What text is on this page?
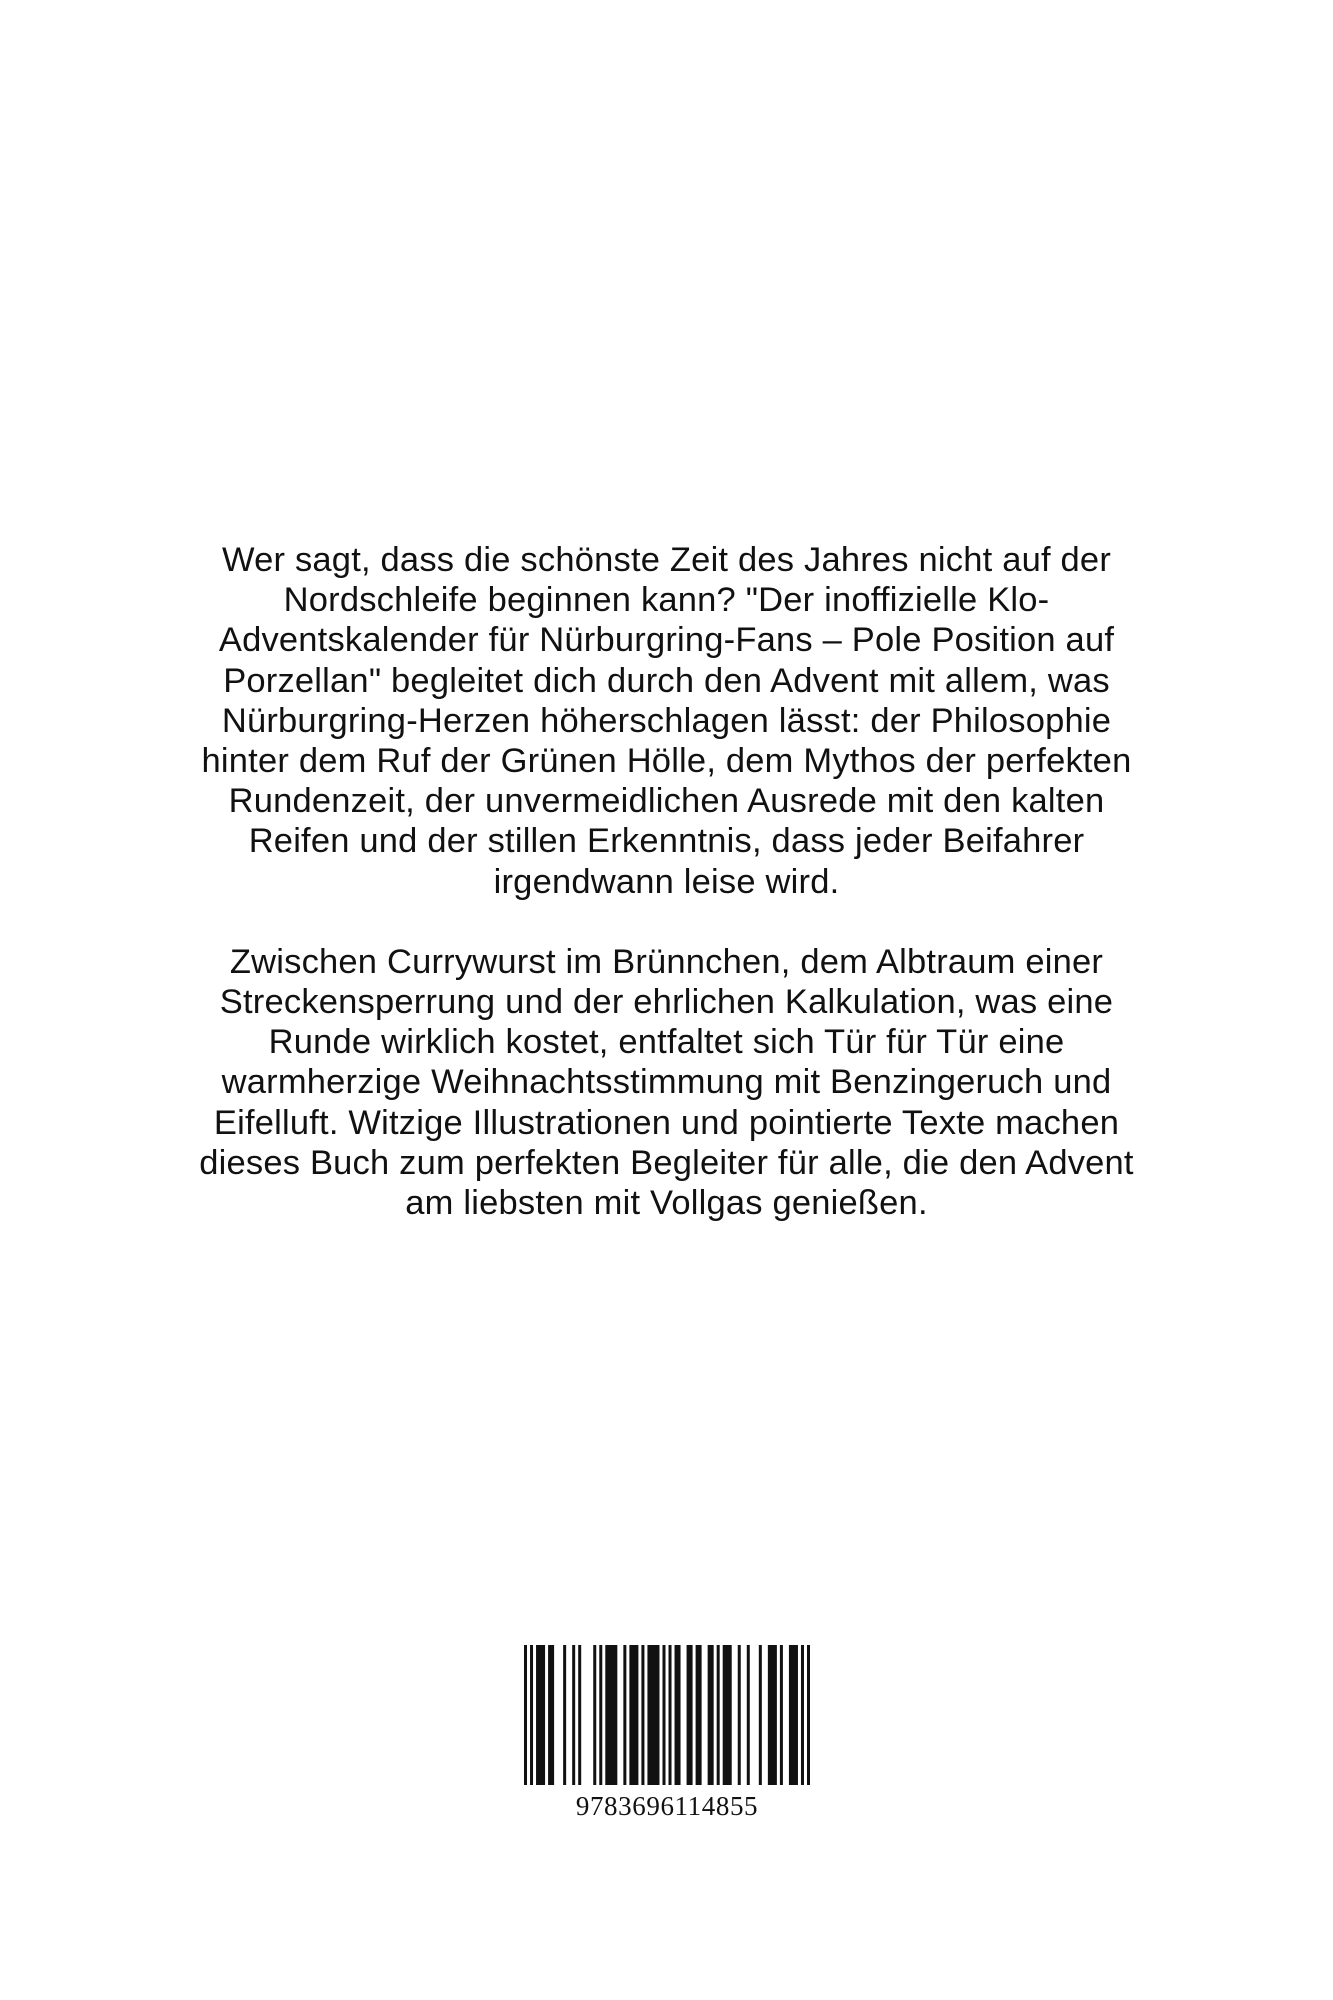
Wer sagt, dass die schönste Zeit des Jahres nicht auf der
Nordschleife beginnen kann? "Der inoffizielle Klo-
Adventskalender für Nürburgring-Fans – Pole Position auf
Porzellan" begleitet dich durch den Advent mit allem, was
Nürburgring-Herzen höherschlagen lässt: der Philosophie
hinter dem Ruf der Grünen Hölle, dem Mythos der perfekten
Rundenzeit, der unvermeidlichen Ausrede mit den kalten
Reifen und der stillen Erkenntnis, dass jeder Beifahrer
irgendwann leise wird.

Zwischen Currywurst im Brünnchen, dem Albtraum einer
Streckensperrung und der ehrlichen Kalkulation, was eine
Runde wirklich kostet, entfaltet sich Tür für Tür eine
warmherzige Weihnachtsstimmung mit Benzingeruch und
Eifelluft. Witzige Illustrationen und pointierte Texte machen
dieses Buch zum perfekten Begleiter für alle, die den Advent
am liebsten mit Vollgas genießen.

9783696114855
